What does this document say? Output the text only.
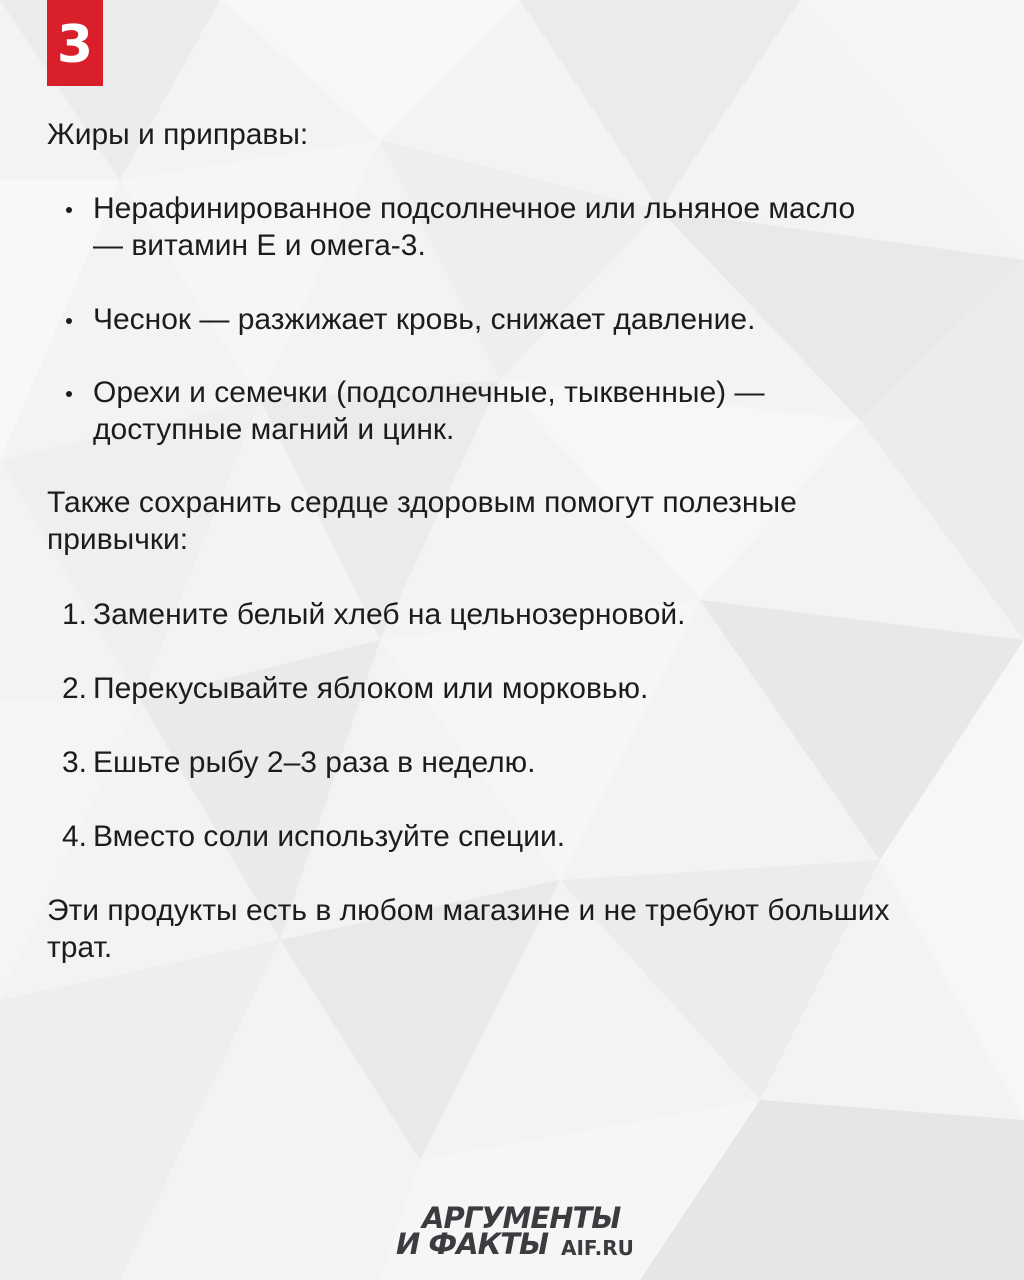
3

Жиры и приправы:

Нерафинированное подсолнечное или льняное масло — витамин Е и омега-3.
Чеснок — разжижает кровь, снижает давление.
Орехи и семечки (подсолнечные, тыквенные) — доступные магний и цинк.

Также сохранить сердце здоровым помогут полезные привычки:

1. Замените белый хлеб на цельнозерновой.
2. Перекусывайте яблоком или морковью.
3. Ешьте рыбу 2–3 раза в неделю.
4. Вместо соли используйте специи.

Эти продукты есть в любом магазине и не требуют больших трат.

АРГУМЕНТЫ
И ФАКТЫ AIF.RU
